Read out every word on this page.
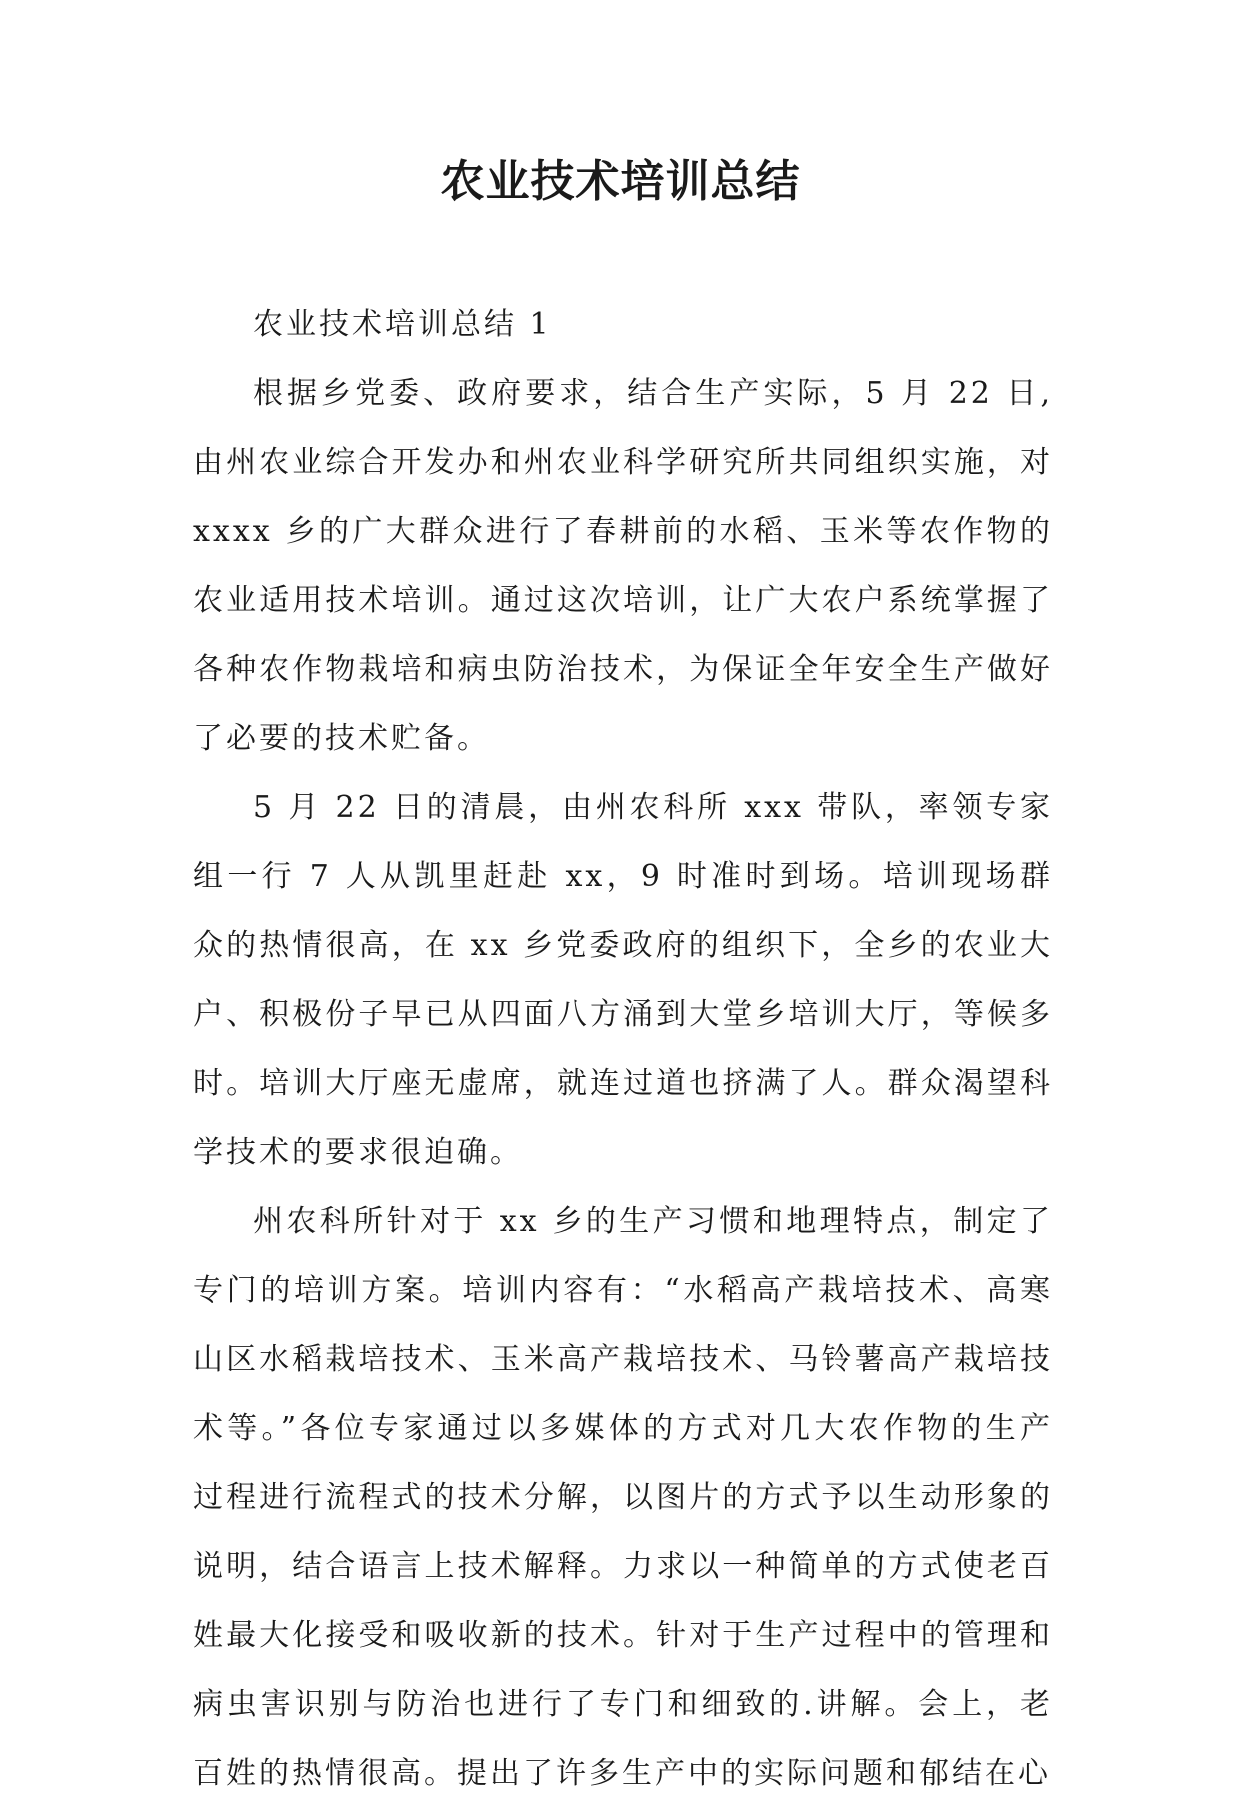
农业技术培训总结

农业技术培训总结 1

根据乡党委、政府要求，结合生产实际，5 月 22 日,由州农业综合开发办和州农业科学研究所共同组织实施，对 xxxx 乡的广大群众进行了春耕前的水稻、玉米等农作物的农业适用技术培训。通过这次培训，让广大农户系统掌握了各种农作物栽培和病虫防治技术，为保证全年安全生产做好了必要的技术贮备。

5 月 22 日的清晨，由州农科所 xxx 带队，率领专家组一行 7 人从凯里赶赴 xx，9 时准时到场。培训现场群众的热情很高，在 xx 乡党委政府的组织下，全乡的农业大户、积极份子早已从四面八方涌到大堂乡培训大厅，等候多时。培训大厅座无虚席，就连过道也挤满了人。群众渴望科学技术的要求很迫确。

州农科所针对于 xx 乡的生产习惯和地理特点，制定了专门的培训方案。培训内容有：“水稻高产栽培技术、高寒山区水稻栽培技术、玉米高产栽培技术、马铃薯高产栽培技术等。”各位专家通过以多媒体的方式对几大农作物的生产过程进行流程式的技术分解，以图片的方式予以生动形象的说明，结合语言上技术解释。力求以一种简单的方式使老百姓最大化接受和吸收新的技术。针对于生产过程中的管理和病虫害识别与防治也进行了专门和细致的.讲解。会上，老百姓的热情很高。提出了许多生产中的实际问题和郁结在心
